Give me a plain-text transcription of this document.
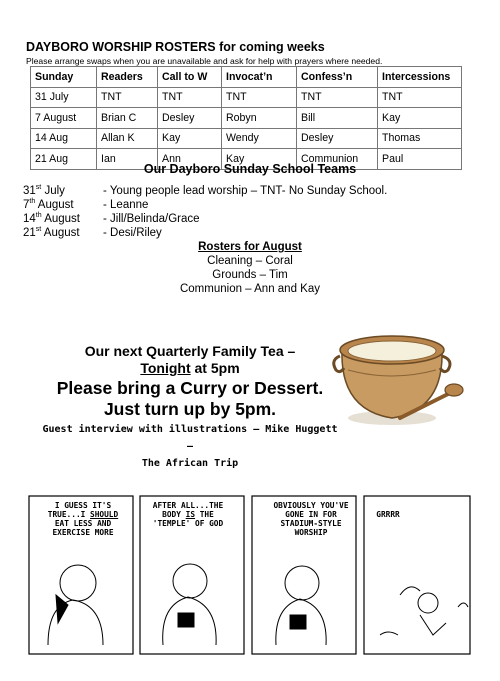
DAYBORO WORSHIP ROSTERS for coming weeks
Please arrange swaps when you are unavailable and ask for help with prayers where needed.
Sunday	Readers	Call to W	Invocat’n	Confess’n	Intercessions
31 July	TNT	TNT	TNT	TNT	TNT
7 August	Brian C	Desley	Robyn	Bill	Kay
14 Aug	Allan K	Kay	Wendy	Desley	Thomas
21 Aug	Ian	Ann	Kay	Communion	Paul
Our Dayboro Sunday School Teams
31st July	- Young people lead worship – TNT- No Sunday School.
7th August	- Leanne
14th August - Jill/Belinda/Grace
21st August - Desi/Riley
Rosters for August
Cleaning – Coral
Grounds – Tim
Communion – Ann and Kay
Our next Quarterly Family Tea –
Tonight at 5pm
Please bring a Curry or Dessert.
Just turn up by 5pm.
Guest interview with illustrations – Mike Huggett –
The African Trip
I GUESS IT'S TRUE...I SHOULD EAT LESS AND EXERCISE MORE
AFTER ALL...THE BODY IS THE 'TEMPLE' OF GOD
OBVIOUSLY YOU'VE GONE IN FOR STADIUM-STYLE WORSHIP
GRRRR
